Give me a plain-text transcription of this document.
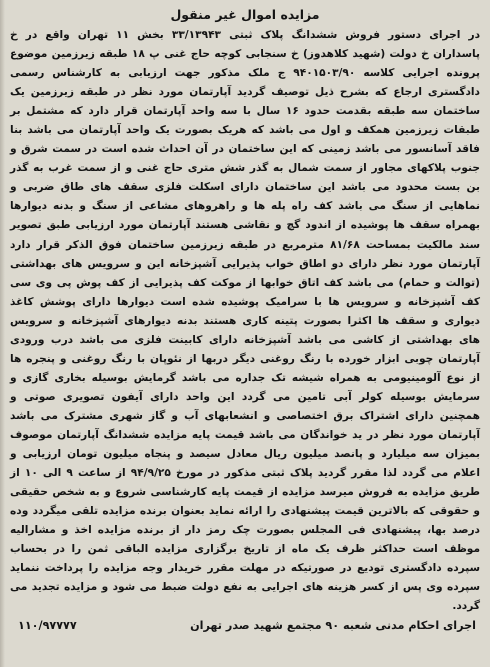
مزایده اموال غیر منقول

در اجرای دستور فروش ششدانگ پلاک ثبتی ۳۳/۱۳۹۴۳ بخش ۱۱ تهران واقع در خ پاسداران خ دولت (شهید کلاهدوز) خ سنجابی کوچه حاج غنی پ ۱۸ طبقه زیرزمین موضوع پرونده اجرایی کلاسه ۹۴۰۱۵۰۳/۹۰ ج ملک مذکور جهت ارزیابی به کارشناس رسمی دادگستری ارجاع که بشرح ذیل توصیف گردید آپارتمان مورد نظر در طبقه زیرزمین یک ساختمان سه طبقه بقدمت حدود ۱۶ سال با سه واحد آپارتمان قرار دارد که مشتمل بر طبقات زیرزمین همکف و اول می باشد که هریک بصورت یک واحد آپارتمان می باشد بنا فاقد آسانسور می باشد زمینی که این ساختمان در آن احداث شده است در سمت شرق و جنوب پلاکهای مجاور از سمت شمال به گذر شش متری حاج غنی و از سمت غرب به گذر بن بست محدود می باشد این ساختمان دارای اسکلت فلزی سقف های طاق ضربی و نماهایی از سنگ می باشد کف راه پله ها و راهروهای مشاعی از سنگ و بدنه دیوارها بهمراه سقف ها پوشیده از اندود گچ و نقاشی هستند آپارتمان مورد ارزیابی طبق تصویر سند مالکیت بمساحت ۸۱/۶۸ مترمربع در طبقه زیرزمین ساختمان فوق الذکر قرار دارد آپارتمان مورد نظر دارای دو اطاق خواب پذیرایی آشپزخانه این و سرویس های بهداشتی (توالت و حمام) می باشد کف اتاق خوابها از موکت کف پذیرایی از کف پوش پی وی سی کف آشپزخانه و سرویس ها با سرامیک پوشیده شده است دیوارها دارای پوشش کاغذ دیواری و سقف ها اکثرا بصورت پتینه کاری هستند بدنه دیوارهای آشپزخانه و سرویس های بهداشتی از کاشی می باشد آشپزخانه دارای کابینت فلزی می باشد درب ورودی آپارتمان چوبی ابزار خورده با رنگ روغنی دیگر دربها از نئوپان با رنگ روغنی و پنجره ها از نوع آلومینیومی به همراه شیشه تک جداره می باشد گرمایش بوسیله بخاری گازی و سرمایش بوسیله کولر آبی تامین می گردد این واحد دارای آیفون تصویری صوتی و همچنین دارای اشتراک برق اختصاصی و انشعابهای آب و گاز شهری مشترک می باشد آپارتمان مورد نظر در ید خواندگان می باشد قیمت پایه مزایده ششدانگ آپارتمان موصوف بمیزان سه میلیارد و پانصد میلیون ریال معادل سیصد و پنجاه میلیون تومان ارزیابی و اعلام می گردد لذا مقرر گردید پلاک ثبتی مذکور در مورخ ۹۴/۹/۲۵ از ساعت ۹ الی ۱۰ از طریق مزایده به فروش میرسد مزایده از قیمت پایه کارشناسی شروع و به شخص حقیقی و حقوقی که بالاترین قیمت پیشنهادی را ارائه نماید بعنوان برنده مزایده تلقی میگردد وده درصد بها، پیشنهادی فی المجلس بصورت چک رمز دار از برنده مزایده اخذ و مشارالیه موظف است حداکثر ظرف یک ماه از تاریخ برگزاری مزایده الباقی ثمن را در بحساب سپرده دادگستری تودیع در صورتیکه در مهلت مقرر خریدار وجه مزایده را پرداخت ننماید سپرده وی پس از کسر هزینه های اجرایی به نفع دولت ضبط می شود و مزایده تجدید می گردد.

اجرای احکام مدنی شعبه ۹۰ مجتمع شهید صدر تهران
۱۱۰/۹۷۷۷۷
